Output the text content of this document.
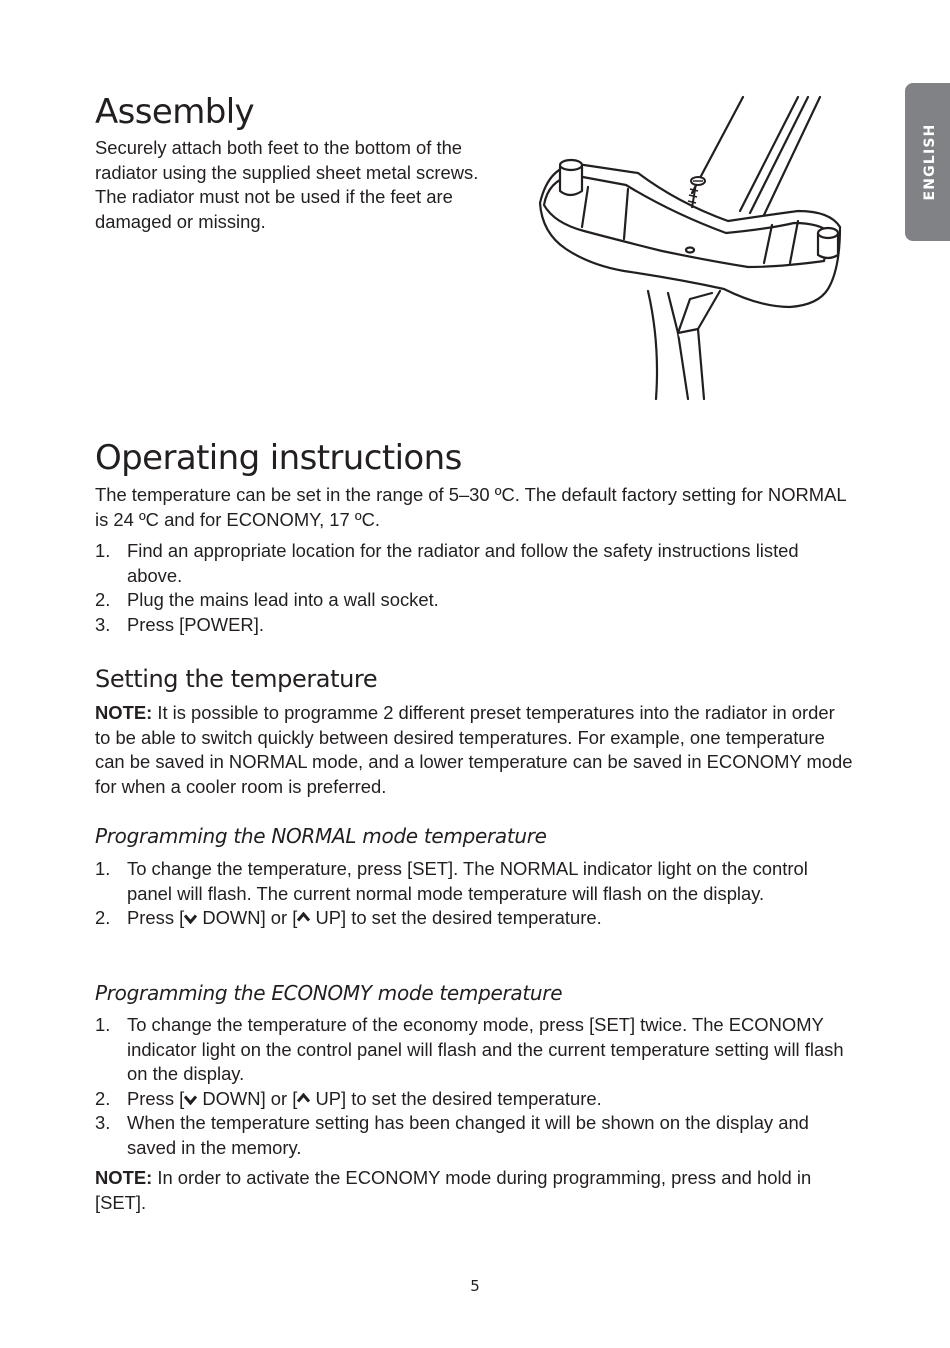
ENGLISH
Assembly

Securely attach both feet to the bottom of the radiator using the supplied sheet metal screws. The radiator must not be used if the feet are damaged or missing.

Operating instructions

The temperature can be set in the range of 5–30 ºC. The default factory setting for NORMAL is 24 ºC and for ECONOMY, 17 ºC.

1. Find an appropriate location for the radiator and follow the safety instructions listed above.
2. Plug the mains lead into a wall socket.
3. Press [POWER].
Setting the temperature

NOTE: It is possible to programme 2 different preset temperatures into the radiator in order to be able to switch quickly between desired temperatures. For example, one temperature can be saved in NORMAL mode, and a lower temperature can be saved in ECONOMY mode for when a cooler room is preferred.

Programming the NORMAL mode temperature
1. To change the temperature, press [SET]. The NORMAL indicator light on the control panel will flash. The current normal mode temperature will flash on the display.
2. Press [ DOWN] or [ UP] to set the desired temperature.
Programming the ECONOMY mode temperature
1. To change the temperature of the economy mode, press [SET] twice. The ECONOMY indicator light on the control panel will flash and the current temperature setting will flash on the display.
2. Press [ DOWN] or [ UP] to set the desired temperature.
3. When the temperature setting has been changed it will be shown on the display and saved in the memory.

NOTE: In order to activate the ECONOMY mode during programming, press and hold in [SET].

5
